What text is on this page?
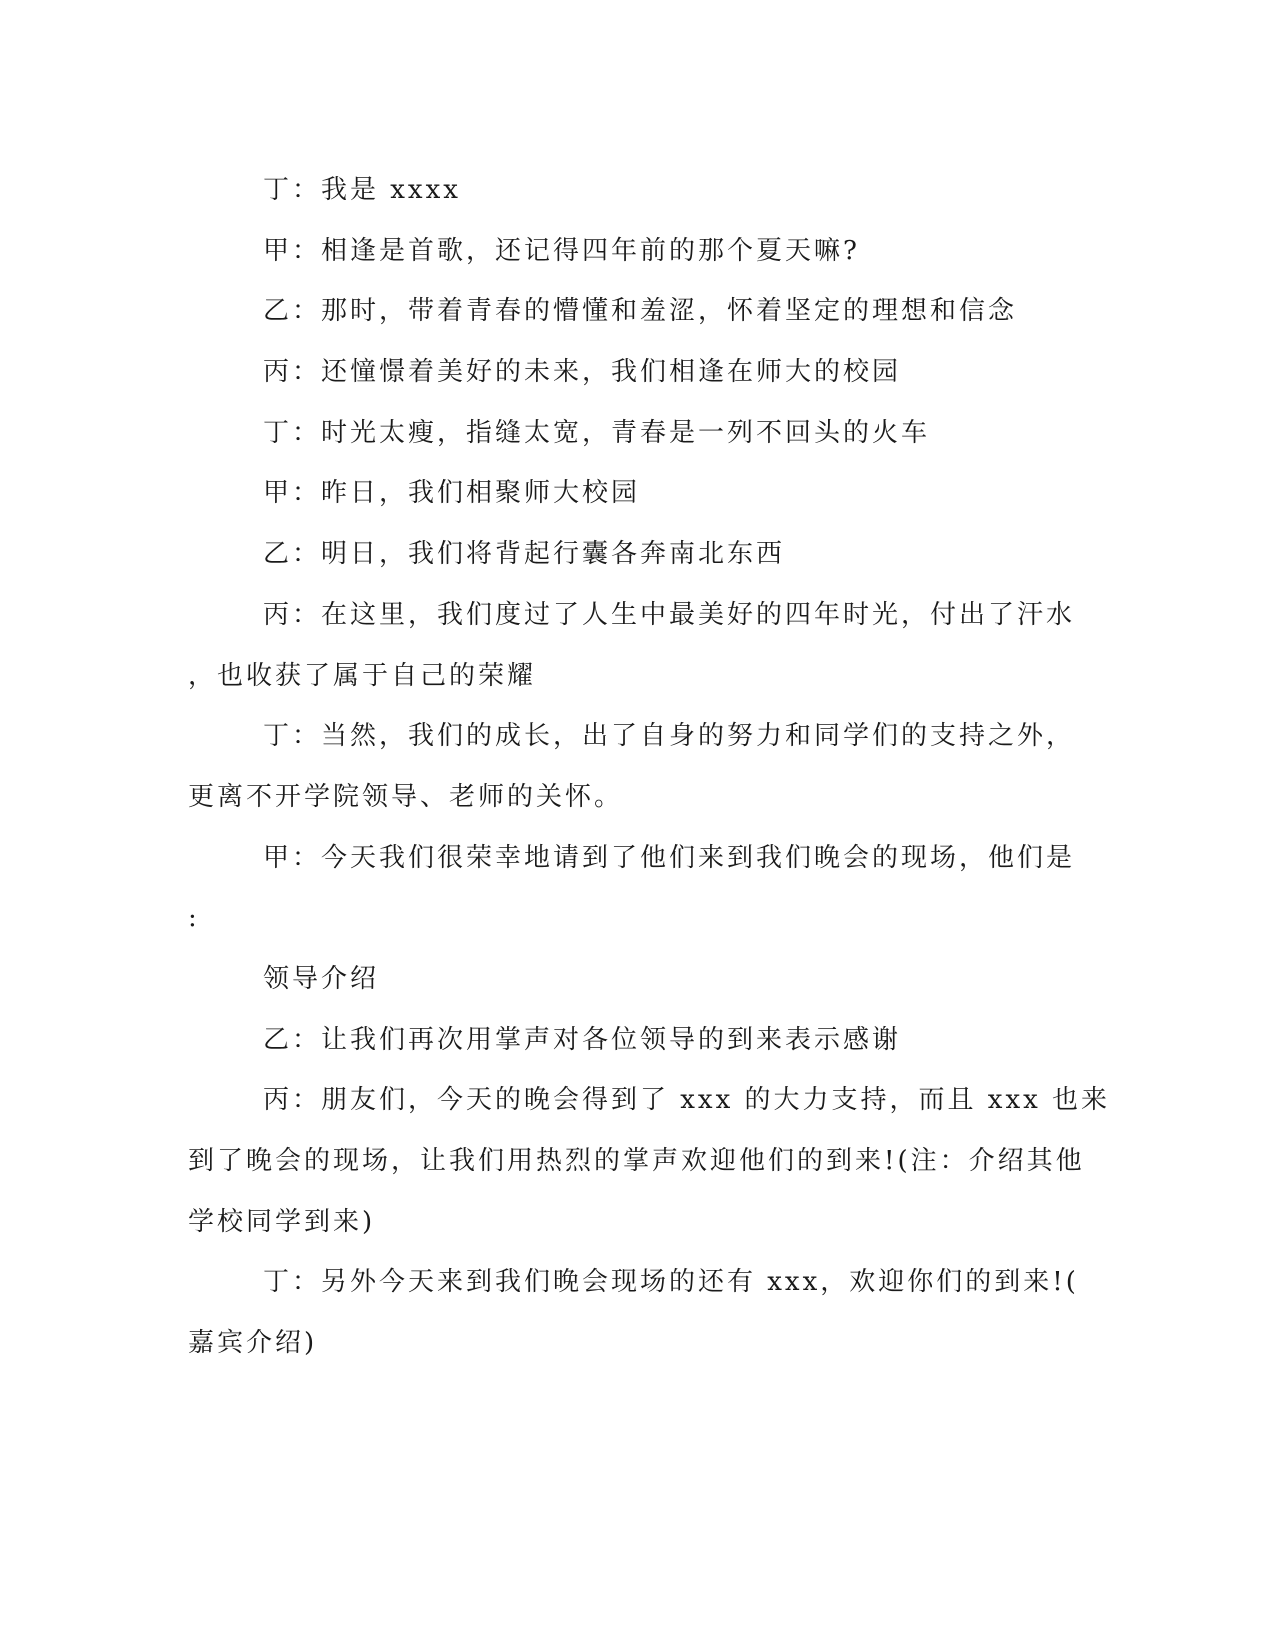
丁：我是 xxxx
甲：相逢是首歌，还记得四年前的那个夏天嘛?
乙：那时，带着青春的懵懂和羞涩，怀着坚定的理想和信念
丙：还憧憬着美好的未来，我们相逢在师大的校园
丁：时光太瘦，指缝太宽，青春是一列不回头的火车
甲：昨日，我们相聚师大校园
乙：明日，我们将背起行囊各奔南北东西
丙：在这里，我们度过了人生中最美好的四年时光，付出了汗水
，也收获了属于自己的荣耀
丁：当然，我们的成长，出了自身的努力和同学们的支持之外，
更离不开学院领导、老师的关怀。
甲：今天我们很荣幸地请到了他们来到我们晚会的现场，他们是
:
领导介绍
乙：让我们再次用掌声对各位领导的到来表示感谢
丙：朋友们，今天的晚会得到了 xxx 的大力支持，而且 xxx 也来
到了晚会的现场，让我们用热烈的掌声欢迎他们的到来!(注：介绍其他
学校同学到来)
丁：另外今天来到我们晚会现场的还有 xxx，欢迎你们的到来!(
嘉宾介绍)
